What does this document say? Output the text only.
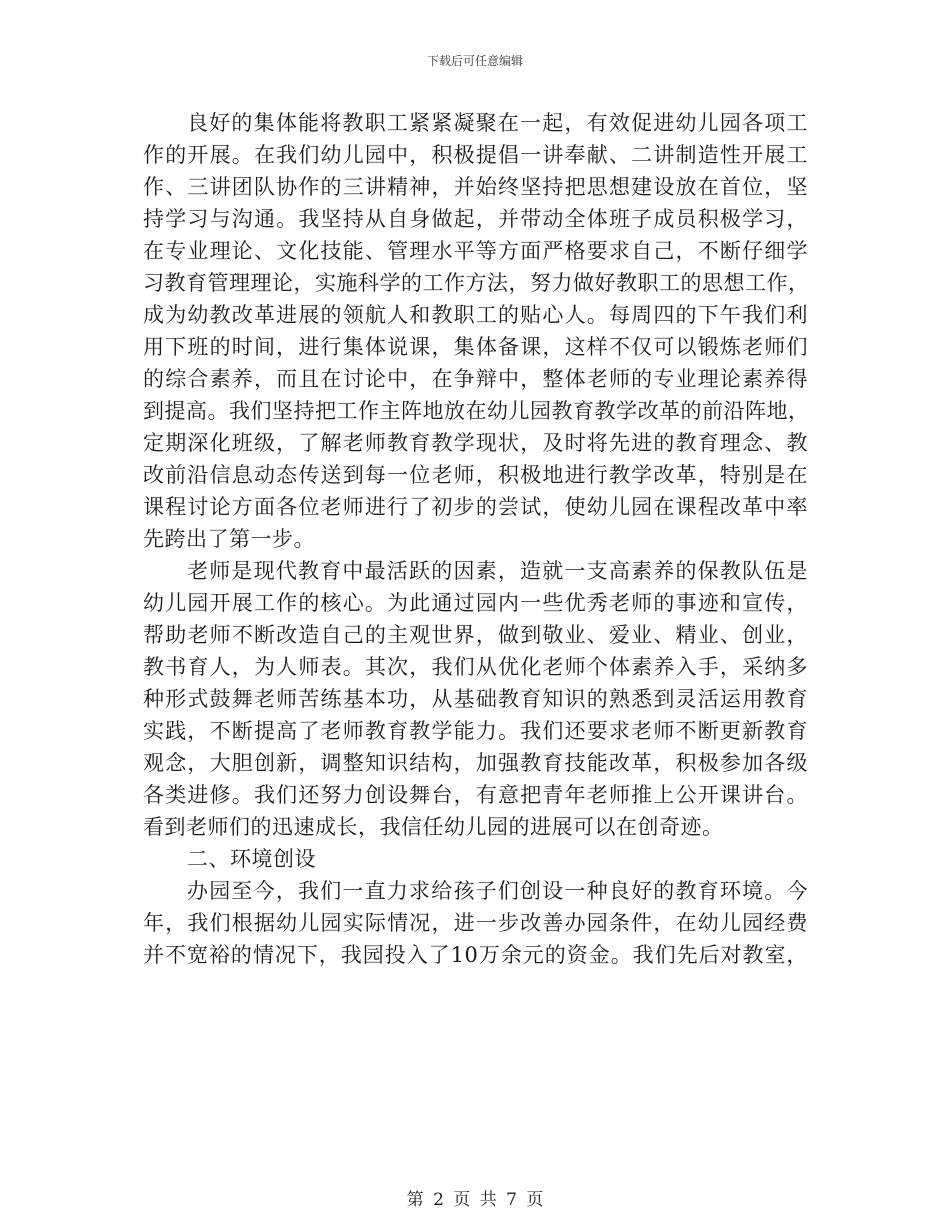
下载后可任意编辑
良好的集体能将教职工紧紧凝聚在一起，有效促进幼儿园各项工
作的开展。在我们幼儿园中，积极提倡一讲奉献、二讲制造性开展工
作、三讲团队协作的三讲精神，并始终坚持把思想建设放在首位，坚
持学习与沟通。我坚持从自身做起，并带动全体班子成员积极学习，
在专业理论、文化技能、管理水平等方面严格要求自己，不断仔细学
习教育管理理论，实施科学的工作方法，努力做好教职工的思想工作，
成为幼教改革进展的领航人和教职工的贴心人。每周四的下午我们利
用下班的时间，进行集体说课，集体备课，这样不仅可以锻炼老师们
的综合素养，而且在讨论中，在争辩中，整体老师的专业理论素养得
到提高。我们坚持把工作主阵地放在幼儿园教育教学改革的前沿阵地，
定期深化班级，了解老师教育教学现状，及时将先进的教育理念、教
改前沿信息动态传送到每一位老师，积极地进行教学改革，特别是在
课程讨论方面各位老师进行了初步的尝试，使幼儿园在课程改革中率
先跨出了第一步。
老师是现代教育中最活跃的因素，造就一支高素养的保教队伍是
幼儿园开展工作的核心。为此通过园内一些优秀老师的事迹和宣传，
帮助老师不断改造自己的主观世界，做到敬业、爱业、精业、创业，
教书育人，为人师表。其次，我们从优化老师个体素养入手，采纳多
种形式鼓舞老师苦练基本功，从基础教育知识的熟悉到灵活运用教育
实践，不断提高了老师教育教学能力。我们还要求老师不断更新教育
观念，大胆创新，调整知识结构，加强教育技能改革，积极参加各级
各类进修。我们还努力创设舞台，有意把青年老师推上公开课讲台。
看到老师们的迅速成长，我信任幼儿园的进展可以在创奇迹。
二、环境创设
办园至今，我们一直力求给孩子们创设一种良好的教育环境。今
年，我们根据幼儿园实际情况，进一步改善办园条件，在幼儿园经费
并不宽裕的情况下，我园投入了10万余元的资金。我们先后对教室，
第 2 页 共 7 页
